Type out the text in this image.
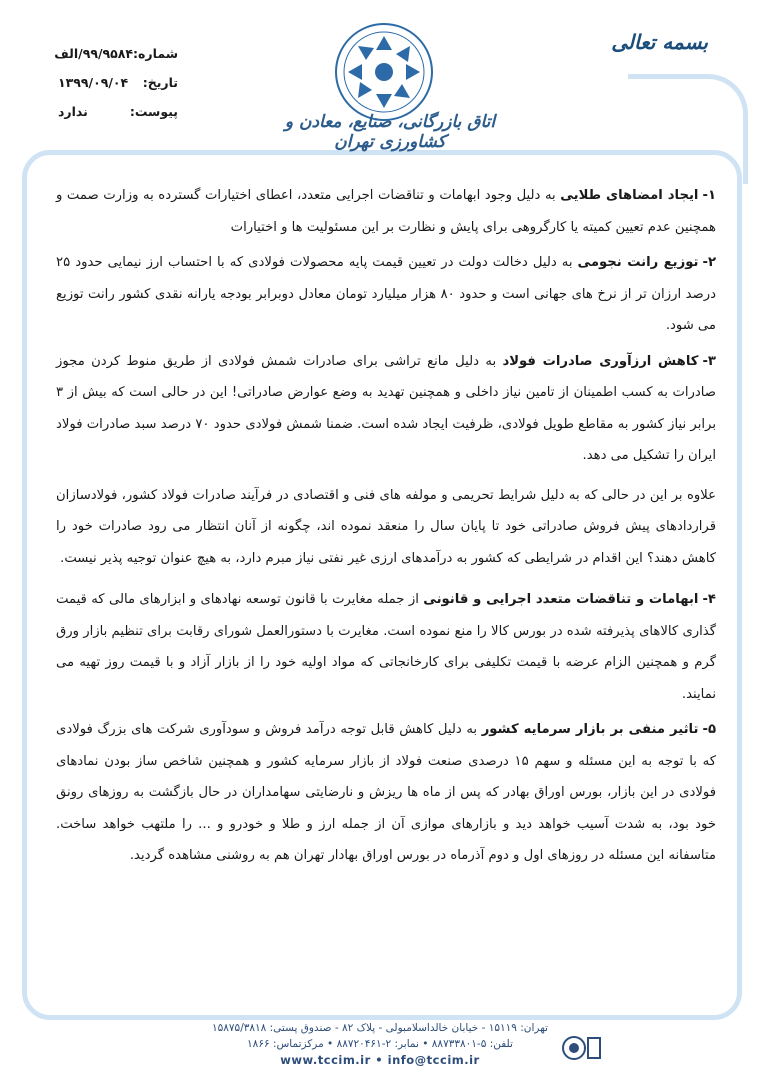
بسمه تعالی
شماره:
۹۹/۹۵۸۴/الف
تاریخ:
۱۳۹۹/۰۹/۰۴
پیوست:
ندارد
اتاق بازرگانی، صنایع، معادن و کشاورزی تهران

۱-ایجاد امضاهای طلایی به دلیل وجود ابهامات و تناقضات اجرایی متعدد، اعطای اختیارات گسترده به وزارت صمت و همچنین عدم تعیین کمیته یا کارگروهی برای پایش و نظارت بر این مسئولیت ها و اختیارات

۲-توزیع رانت نجومی به دلیل دخالت دولت در تعیین قیمت پایه محصولات فولادی که با احتساب ارز نیمایی حدود ۲۵ درصد ارزان تر از نرخ های جهانی است و حدود ۸۰ هزار میلیارد تومان معادل دوبرابر بودجه یارانه نقدی کشور رانت توزیع می شود.

۳-کاهش ارزآوری صادرات فولاد به دلیل مانع تراشی برای صادرات شمش فولادی از طریق منوط کردن مجوز صادرات به کسب اطمینان از تامین نیاز داخلی و همچنین تهدید به وضع عوارض صادراتی! این در حالی است که بیش از ۳ برابر نیاز کشور به مقاطع طویل فولادی، ظرفیت ایجاد شده است. ضمنا شمش فولادی حدود ۷۰ درصد سبد صادرات فولاد ایران را تشکیل می دهد.

علاوه بر این در حالی که به دلیل شرایط تحریمی و مولفه های فنی و اقتصادی در فرآیند صادرات فولاد کشور، فولادسازان قراردادهای پیش فروش صادراتی خود تا پایان سال را منعقد نموده اند، چگونه از آنان انتظار می رود صادرات خود را کاهش دهند؟ این اقدام در شرایطی که کشور به درآمدهای ارزی غیر نفتی نیاز مبرم دارد، به هیچ عنوان توجیه پذیر نیست.

۴-ابهامات و تناقضات متعدد اجرایی و قانونی از جمله مغایرت با قانون توسعه نهادهای و ابزارهای مالی که قیمت گذاری کالاهای پذیرفته شده در بورس کالا را منع نموده است. مغایرت با دستورالعمل شورای رقابت برای تنظیم بازار ورق گرم و همچنین الزام عرضه با قیمت تکلیفی برای کارخانجاتی که مواد اولیه خود را از بازار آزاد و با قیمت روز تهیه می نمایند.

۵-تاثیر منفی بر بازار سرمایه کشور به دلیل کاهش قابل توجه درآمد فروش و سودآوری شرکت های بزرگ فولادی که با توجه به این مسئله و سهم ۱۵ درصدی صنعت فولاد از بازار سرمایه کشور و همچنین شاخص ساز بودن نمادهای فولادی در این بازار، بورس اوراق بهادر که پس از ماه ها ریزش و نارضایتی سهامداران در حال بازگشت به روزهای رونق خود بود، به شدت آسیب خواهد دید و بازارهای موازی آن از جمله ارز و طلا و خودرو و ... را ملتهب خواهد ساخت. متاسفانه این مسئله در روزهای اول و دوم آذرماه در بورس اوراق بهادار تهران هم به روشنی مشاهده گردید.

تهران: ۱۵۱۱۹ - خیابان خالداسلامبولی - پلاک ۸۲ - صندوق پستی: ۱۵۸۷۵/۳۸۱۸
تلفن: ۵-۸۸۷۳۳۸۰۱ • نمابر: ۲-۸۸۷۲۰۴۶۱ • مرکزتماس: ۱۸۶۶
www.tccim.ir • info@tccim.ir
